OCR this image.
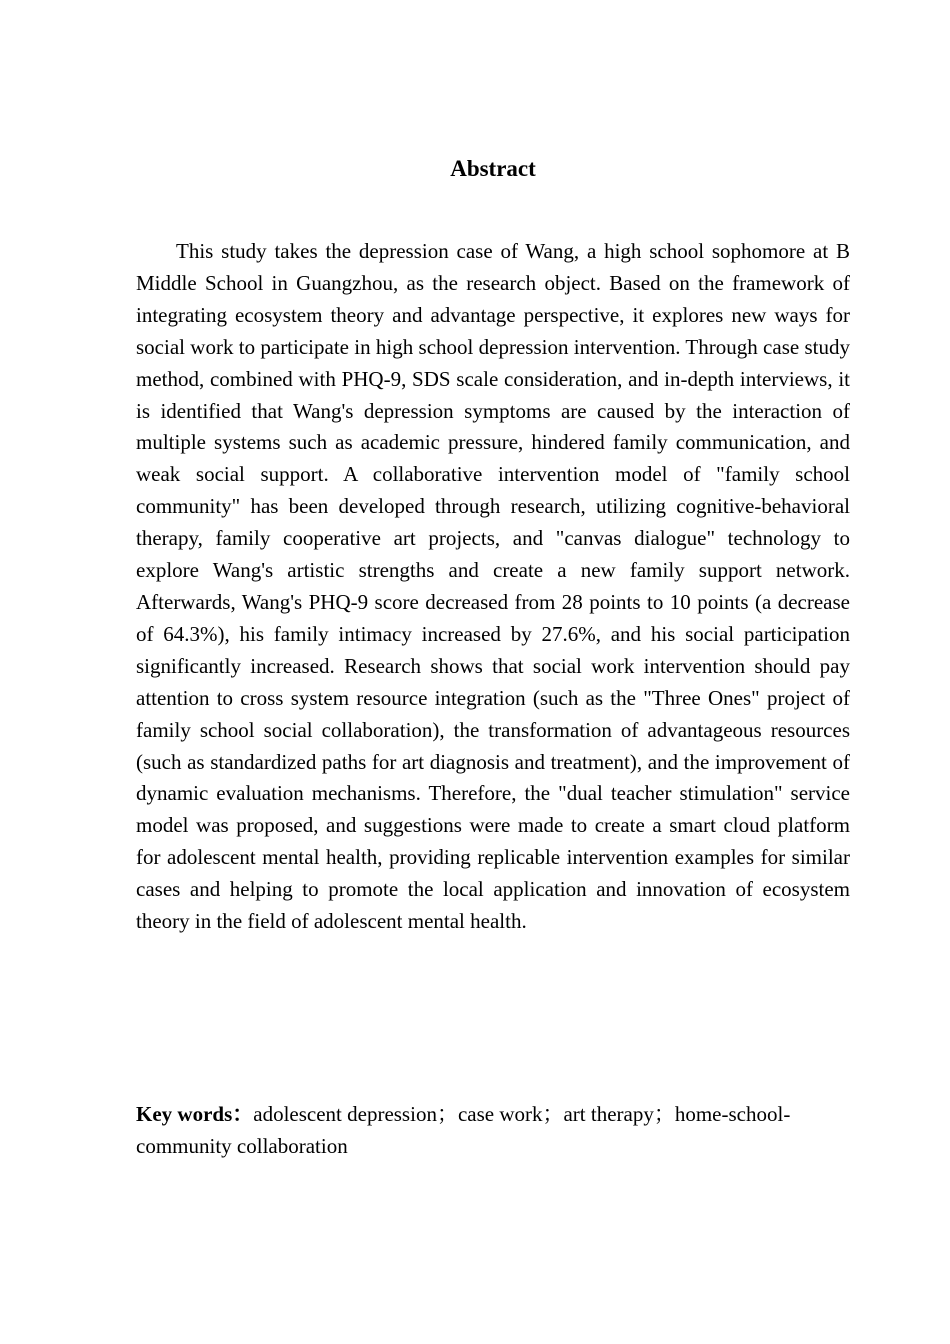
Abstract

This study takes the depression case of Wang, a high school sophomore at B Middle School in Guangzhou, as the research object. Based on the framework of integrating ecosystem theory and advantage perspective, it explores new ways for social work to participate in high school depression intervention. Through case study method, combined with PHQ-9, SDS scale consideration, and in-depth interviews, it is identified that Wang's depression symptoms are caused by the interaction of multiple systems such as academic pressure, hindered family communication, and weak social support. A collaborative intervention model of "family school community" has been developed through research, utilizing cognitive-behavioral therapy, family cooperative art projects, and "canvas dialogue" technology to explore Wang's artistic strengths and create a new family support network. Afterwards, Wang's PHQ-9 score decreased from 28 points to 10 points (a decrease of 64.3%), his family intimacy increased by 27.6%, and his social participation significantly increased. Research shows that social work intervention should pay attention to cross system resource integration (such as the "Three Ones" project of family school social collaboration), the transformation of advantageous resources (such as standardized paths for art diagnosis and treatment), and the improvement of dynamic evaluation mechanisms. Therefore, the "dual teacher stimulation" service model was proposed, and suggestions were made to create a smart cloud platform for adolescent mental health, providing replicable intervention examples for similar cases and helping to promote the local application and innovation of ecosystem theory in the field of adolescent mental health.

Key words：adolescent depression；case work；art therapy；home-school-community collaboration
